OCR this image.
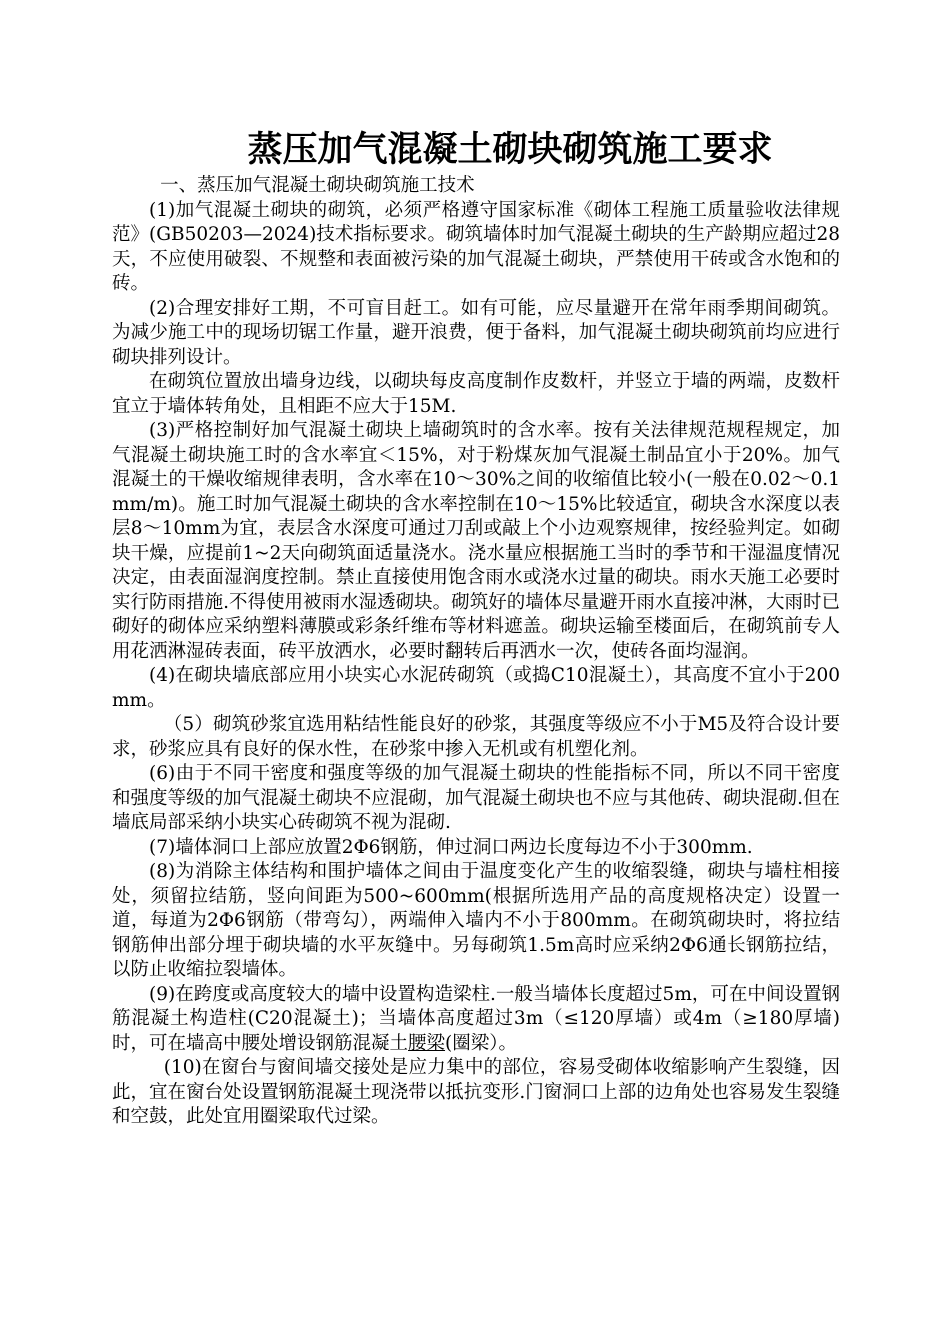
蒸压加气混凝土砌块砌筑施工要求

一、蒸压加气混凝土砌块砌筑施工技术

(1)加气混凝土砌块的砌筑，必须严格遵守国家标准《砌体工程施工质量验收法律规范》(GB50203—2024)技术指标要求。砌筑墙体时加气混凝土砌块的生产龄期应超过28天，不应使用破裂、不规整和表面被污染的加气混凝土砌块，严禁使用干砖或含水饱和的砖。

(2)合理安排好工期，不可盲目赶工。如有可能，应尽量避开在常年雨季期间砌筑。为减少施工中的现场切锯工作量，避开浪费，便于备料，加气混凝土砌块砌筑前均应进行砌块排列设计。

在砌筑位置放出墙身边线，以砌块每皮高度制作皮数杆，并竖立于墙的两端，皮数杆宜立于墙体转角处，且相距不应大于15M.

(3)严格控制好加气混凝土砌块上墙砌筑时的含水率。按有关法律规范规程规定，加气混凝土砌块施工时的含水率宜＜15%，对于粉煤灰加气混凝土制品宜小于20%。加气混凝土的干燥收缩规律表明，含水率在10～30%之间的收缩值比较小(一般在0.02～0.1mm/m)。施工时加气混凝土砌块的含水率控制在10～15%比较适宜，砌块含水深度以表层8～10mm为宜，表层含水深度可通过刀刮或敲上个小边观察规律，按经验判定。如砌块干燥，应提前1~2天向砌筑面适量浇水。浇水量应根据施工当时的季节和干湿温度情况决定，由表面湿润度控制。禁止直接使用饱含雨水或浇水过量的砌块。雨水天施工必要时实行防雨措施.不得使用被雨水湿透砌块。砌筑好的墙体尽量避开雨水直接冲淋，大雨时已砌好的砌体应采纳塑料薄膜或彩条纤维布等材料遮盖。砌块运输至楼面后，在砌筑前专人用花洒淋湿砖表面，砖平放洒水，必要时翻转后再洒水一次，使砖各面均湿润。

(4)在砌块墙底部应用小块实心水泥砖砌筑（或捣C10混凝土），其高度不宜小于200mm。

（5）砌筑砂浆宜选用粘结性能良好的砂浆，其强度等级应不小于M5及符合设计要求，砂浆应具有良好的保水性，在砂浆中掺入无机或有机塑化剂。

(6)由于不同干密度和强度等级的加气混凝土砌块的性能指标不同，所以不同干密度和强度等级的加气混凝土砌块不应混砌，加气混凝土砌块也不应与其他砖、砌块混砌.但在墙底局部采纳小块实心砖砌筑不视为混砌.

(7)墙体洞口上部应放置2Φ6钢筋，伸过洞口两边长度每边不小于300mm.

(8)为消除主体结构和围护墙体之间由于温度变化产生的收缩裂缝，砌块与墙柱相接处，须留拉结筋，竖向间距为500~600mm(根据所选用产品的高度规格决定）设置一道，每道为2Φ6钢筋（带弯勾），两端伸入墙内不小于800mm。在砌筑砌块时，将拉结钢筋伸出部分埋于砌块墙的水平灰缝中。另每砌筑1.5m高时应采纳2Φ6通长钢筋拉结，以防止收缩拉裂墙体。

(9)在跨度或高度较大的墙中设置构造梁柱.一般当墙体长度超过5m，可在中间设置钢筋混凝土构造柱(C20混凝土)；当墙体高度超过3m（≤120厚墙）或4m（≥180厚墙)时，可在墙高中腰处增设钢筋混凝土腰梁(圈梁）。

(10)在窗台与窗间墙交接处是应力集中的部位，容易受砌体收缩影响产生裂缝，因此，宜在窗台处设置钢筋混凝土现浇带以抵抗变形.门窗洞口上部的边角处也容易发生裂缝和空鼓，此处宜用圈梁取代过梁。
